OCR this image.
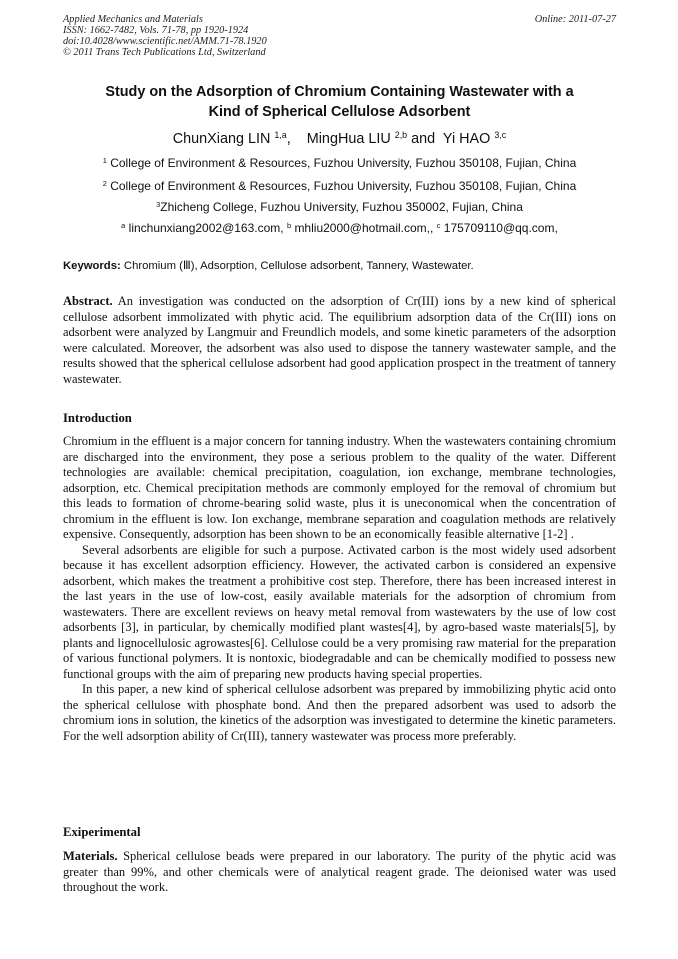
Applied Mechanics and Materials
ISSN: 1662-7482, Vols. 71-78, pp 1920-1924
doi:10.4028/www.scientific.net/AMM.71-78.1920
© 2011 Trans Tech Publications Ltd, Switzerland
Online: 2011-07-27
Study on the Adsorption of Chromium Containing Wastewater with a
Kind of Spherical Cellulose Adsorbent
ChunXiang LIN $^{1,a}$, MingHua LIU $^{2,b}$ and Yi HAO $^{3,c}$
$^1$ College of Environment & Resources, Fuzhou University, Fuzhou 350108, Fujian, China
$^2$ College of Environment & Resources, Fuzhou University, Fuzhou 350108, Fujian, China
$^3$Zhicheng College, Fuzhou University, Fuzhou 350002, Fujian, China
$^a$ linchunxiang2002@163.com, $^b$ mhliu2000@hotmail.com,, $^c$ 175709110@qq.com,
Keywords: Chromium (Ⅲ), Adsorption, Cellulose adsorbent, Tannery, Wastewater.

Abstract. An investigation was conducted on the adsorption of Cr(III) ions by a new kind of spherical cellulose adsorbent immolizated with phytic acid. The equilibrium adsorption data of the Cr(III) ions on adsorbent were analyzed by Langmuir and Freundlich models, and some kinetic parameters of the adsorption were calculated. Moreover, the adsorbent was also used to dispose the tannery wastewater sample, and the results showed that the spherical cellulose adsorbent had good application prospect in the treatment of tannery wastewater.

Introduction

Chromium in the effluent is a major concern for tanning industry. When the wastewaters containing chromium are discharged into the environment, they pose a serious problem to the quality of the water. Different technologies are available: chemical precipitation, coagulation, ion exchange, membrane technologies, adsorption, etc. Chemical precipitation methods are commonly employed for the removal of chromium but this leads to formation of chrome-bearing solid waste, plus it is uneconomical when the concentration of chromium in the effluent is low. Ion exchange, membrane separation and coagulation methods are relatively expensive. Consequently, adsorption has been shown to be an economically feasible alternative [1-2] .

Several adsorbents are eligible for such a purpose. Activated carbon is the most widely used adsorbent because it has excellent adsorption efficiency. However, the activated carbon is considered an expensive adsorbent, which makes the treatment a prohibitive cost step. Therefore, there has been increased interest in the last years in the use of low-cost, easily available materials for the adsorption of chromium from wastewaters. There are excellent reviews on heavy metal removal from wastewaters by the use of low cost adsorbents [3], in particular, by chemically modified plant wastes[4], by agro-based waste materials[5], by plants and lignocellulosic agrowastes[6]. Cellulose could be a very promising raw material for the preparation of various functional polymers. It is nontoxic, biodegradable and can be chemically modified to possess new functional groups with the aim of preparing new products having special properties.

In this paper, a new kind of spherical cellulose adsorbent was prepared by immobilizing phytic acid onto the spherical cellulose with phosphate bond. And then the prepared adsorbent was used to adsorb the chromium ions in solution, the kinetics of the adsorption was investigated to determine the kinetic parameters. For the well adsorption ability of Cr(III), tannery wastewater was process more preferably.

Exiperimental

Materials. Spherical cellulose beads were prepared in our laboratory. The purity of the phytic acid was greater than 99%, and other chemicals were of analytical reagent grade. The deionised water was used throughout the work.
